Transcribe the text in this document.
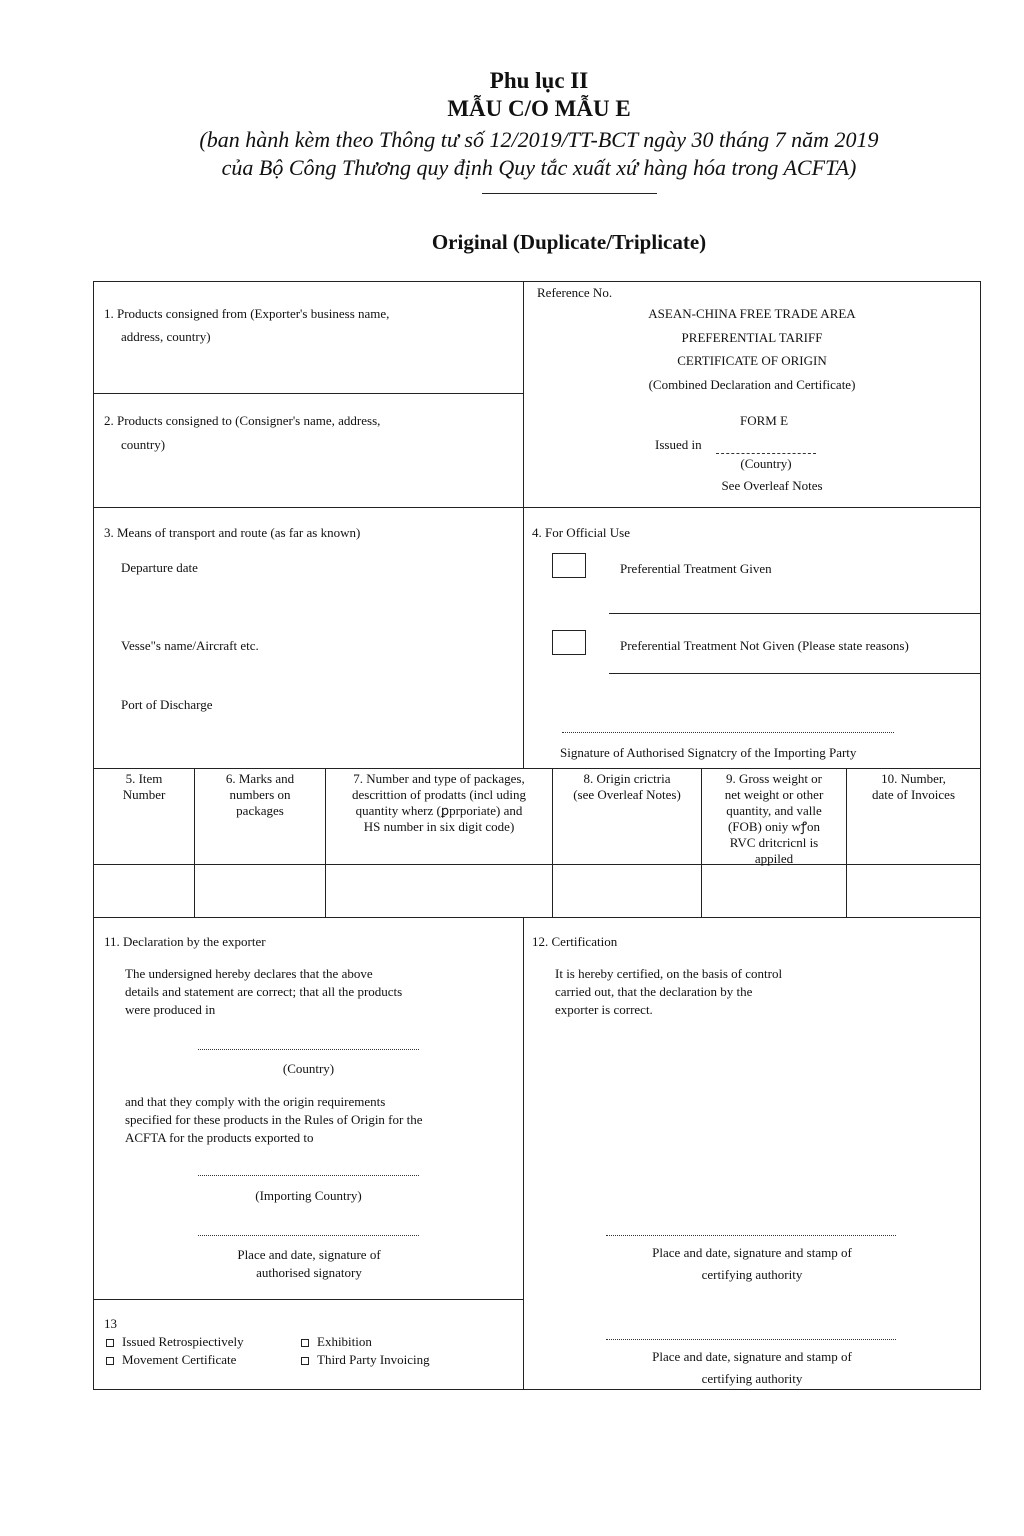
Phu lục II
MẪU C/O MẪU E
(ban hành kèm theo Thông tư số 12/2019/TT-BCT ngày 30 tháng 7 năm 2019
của Bộ Công Thương quy định Quy tắc xuất xứ hàng hóa trong ACFTA)
Original (Duplicate/Triplicate)
1. Products consigned from (Exporter's business name,
address, country)
2. Products consigned to (Consigner's name, address,
country)
Reference No.
ASEAN-CHINA FREE TRADE AREA
PREFERENTIAL TARIFF
CERTIFICATE OF ORIGIN
(Combined Declaration and Certificate)
FORM E
Issued in
(Country)
See Overleaf Notes
3. Means of transport and route (as far as known)
Departure date
Vesse"s name/Aircraft etc.
Port of Discharge
4. For Official Use
Preferential Treatment Given
Preferential Treatment Not Given (Please state reasons)
Signature of Authorised Signatcry of the Importing Party
5. Item
Number
6. Marks and
numbers on
packages
7. Number and type of packages,
descrittion of prodatts (incl uding
quantity wherz (ꝑprporiate) and
HS number in six digit code)
8. Origin crictria
(see Overleaf Notes)
9. Gross weight or
net weight or other
quantity, and valle
(FOB) oniy wꝭon
RVC dritcricnl is
appiled
10. Number,
date of Invoices
11. Declaration by the exporter
The undersigned hereby declares that the above
details and statement are correct; that all the products
were produced in
(Country)
and that they comply with the origin requirements
specified for these products in the Rules of Origin for the
ACFTA for the products exported to
(Importing Country)
Place and date, signature of
authorised signatory
12. Certification
It is hereby certified, on the basis of control
carried out, that the declaration by the
exporter is correct.
Place and date, signature and stamp of
certifying authority
Place and date, signature and stamp of
certifying authority
13
Issued Retrospiectively	Exhibition
Movement Certificate	Third Party Invoicing
